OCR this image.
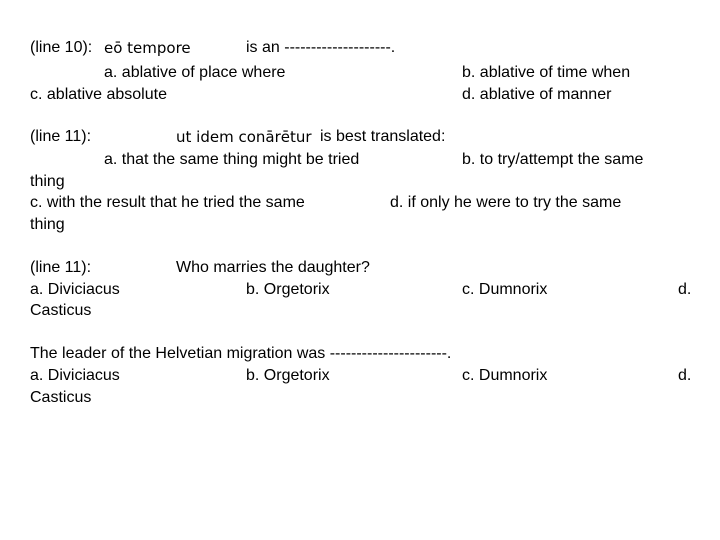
(line 10): eō tempore	is an --------------------.
a. ablative of place where	b. ablative of time when
c. ablative absolute	d. ablative of manner
(line 11):	ut idem conārētur is best translated:
a. that the same thing might be tried	b. to try/attempt the same
thing
c. with the result that he tried the same	d. if only he were to try the same
thing
(line 11):	Who marries the daughter?
a. Diviciacus	b. Orgetorix	c. Dumnorix	d.
Casticus
The leader of the Helvetian migration was ----------------------.
a. Diviciacus	b. Orgetorix	c. Dumnorix	d.
Casticus
